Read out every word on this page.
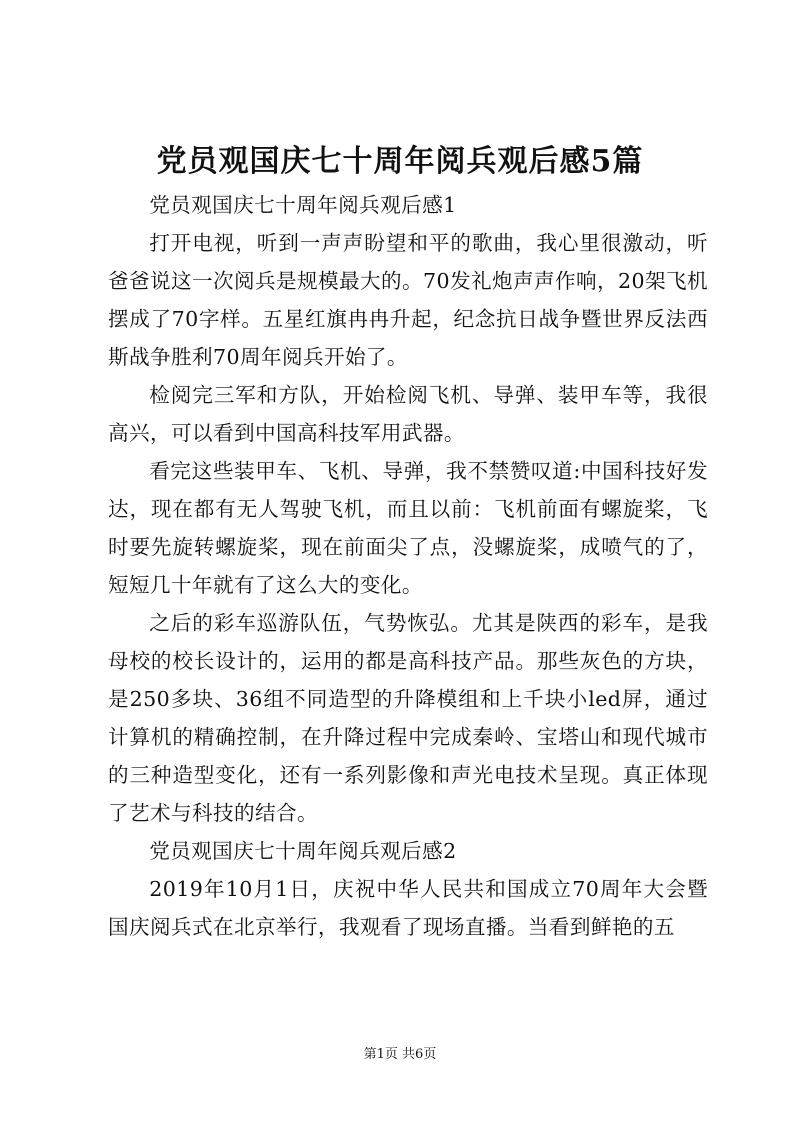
党员观国庆七十周年阅兵观后感5篇

党员观国庆七十周年阅兵观后感1

打开电视，听到一声声盼望和平的歌曲，我心里很激动，听爸爸说这一次阅兵是规模最大的。70发礼炮声声作响，20架飞机摆成了70字样。五星红旗冉冉升起，纪念抗日战争暨世界反法西斯战争胜利70周年阅兵开始了。

检阅完三军和方队，开始检阅飞机、导弹、装甲车等，我很高兴，可以看到中国高科技军用武器。

看完这些装甲车、飞机、导弹，我不禁赞叹道:中国科技好发达，现在都有无人驾驶飞机，而且以前：飞机前面有螺旋桨，飞时要先旋转螺旋桨，现在前面尖了点，没螺旋桨，成喷气的了，短短几十年就有了这么大的变化。

之后的彩车巡游队伍，气势恢弘。尤其是陕西的彩车，是我母校的校长设计的，运用的都是高科技产品。那些灰色的方块，是250多块、36组不同造型的升降模组和上千块小led屏，通过计算机的精确控制，在升降过程中完成秦岭、宝塔山和现代城市的三种造型变化，还有一系列影像和声光电技术呈现。真正体现了艺术与科技的结合。

党员观国庆七十周年阅兵观后感2

2019年10月1日，庆祝中华人民共和国成立70周年大会暨国庆阅兵式在北京举行，我观看了现场直播。当看到鲜艳的五

第1页 共6页
